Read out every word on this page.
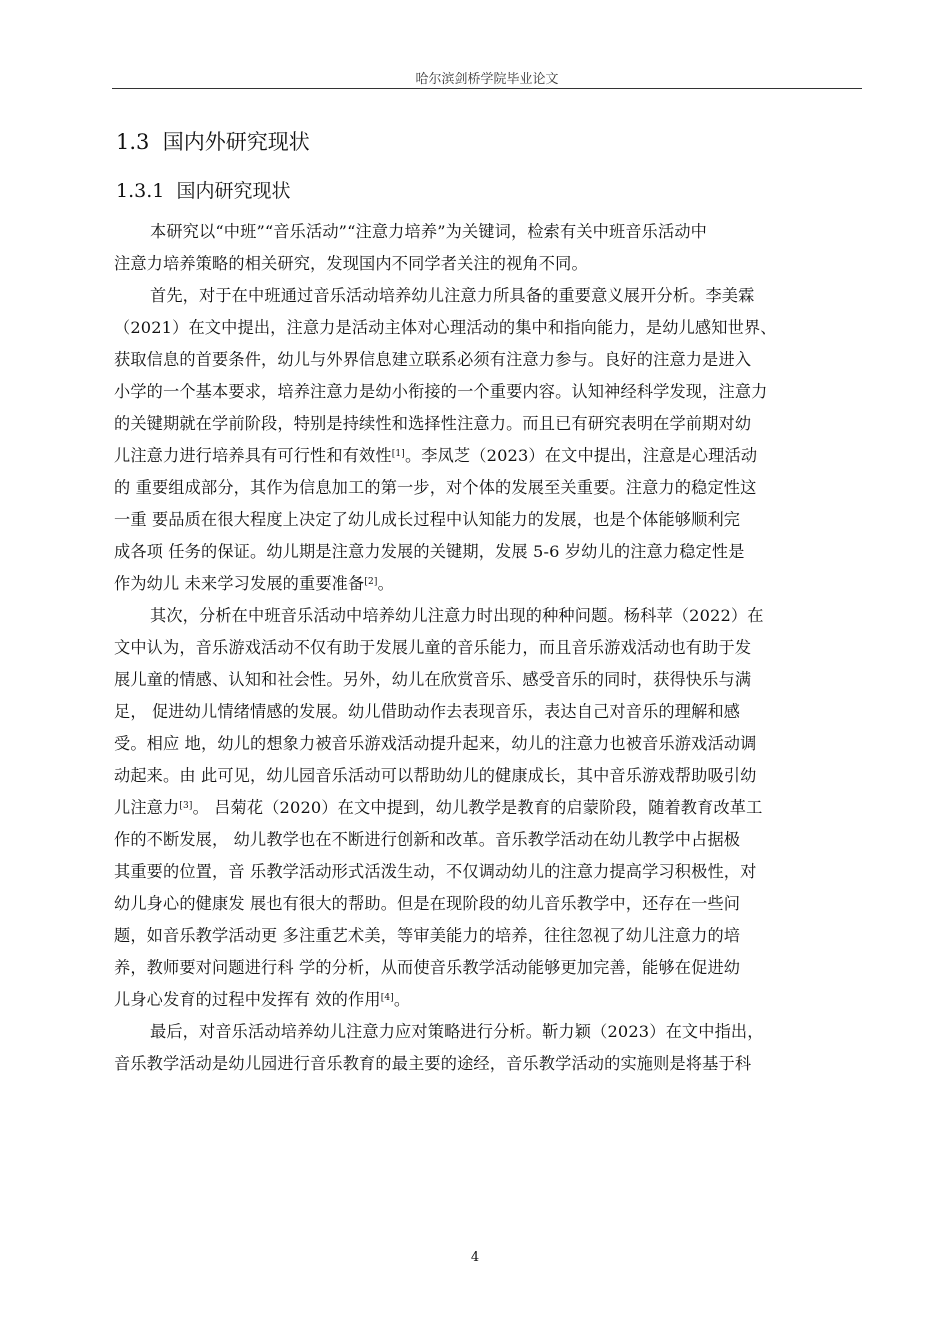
哈尔滨剑桥学院毕业论文
1.3 国内外研究现状
1.3.1 国内研究现状
本研究以“中班”“音乐活动”“注意力培养”为关键词，检索有关中班音乐活动中
注意力培养策略的相关研究，发现国内不同学者关注的视角不同。
首先，对于在中班通过音乐活动培养幼儿注意力所具备的重要意义展开分析。李美霖
（2021）在文中提出，注意力是活动主体对心理活动的集中和指向能力，是幼儿感知世界、
获取信息的首要条件，幼儿与外界信息建立联系必须有注意力参与。良好的注意力是进入
小学的一个基本要求，培养注意力是幼小衔接的一个重要内容。认知神经科学发现，注意力
的关键期就在学前阶段，特别是持续性和选择性注意力。而且已有研究表明在学前期对幼
儿注意力进行培养具有可行性和有效性[1]。李凤芝（2023）在文中提出，注意是心理活动
的 重要组成部分，其作为信息加工的第一步，对个体的发展至关重要。注意力的稳定性这
一重 要品质在很大程度上决定了幼儿成长过程中认知能力的发展，也是个体能够顺利完
成各项 任务的保证。幼儿期是注意力发展的关键期，发展 5-6 岁幼儿的注意力稳定性是
作为幼儿 未来学习发展的重要准备[2]。
其次，分析在中班音乐活动中培养幼儿注意力时出现的种种问题。杨科苹（2022）在
文中认为，音乐游戏活动不仅有助于发展儿童的音乐能力，而且音乐游戏活动也有助于发
展儿童的情感、认知和社会性。另外，幼儿在欣赏音乐、感受音乐的同时，获得快乐与满
足， 促进幼儿情绪情感的发展。幼儿借助动作去表现音乐，表达自己对音乐的理解和感
受。相应 地，幼儿的想象力被音乐游戏活动提升起来，幼儿的注意力也被音乐游戏活动调
动起来。由 此可见，幼儿园音乐活动可以帮助幼儿的健康成长，其中音乐游戏帮助吸引幼
儿注意力[3]。 吕菊花（2020）在文中提到，幼儿教学是教育的启蒙阶段，随着教育改革工
作的不断发展， 幼儿教学也在不断进行创新和改革。音乐教学活动在幼儿教学中占据极
其重要的位置，音 乐教学活动形式活泼生动，不仅调动幼儿的注意力提高学习积极性，对
幼儿身心的健康发 展也有很大的帮助。但是在现阶段的幼儿音乐教学中，还存在一些问
题，如音乐教学活动更 多注重艺术美，等审美能力的培养，往往忽视了幼儿注意力的培
养，教师要对问题进行科 学的分析，从而使音乐教学活动能够更加完善，能够在促进幼
儿身心发育的过程中发挥有 效的作用[4]。
最后，对音乐活动培养幼儿注意力应对策略进行分析。靳力颖（2023）在文中指出，
音乐教学活动是幼儿园进行音乐教育的最主要的途经，音乐教学活动的实施则是将基于科
4
